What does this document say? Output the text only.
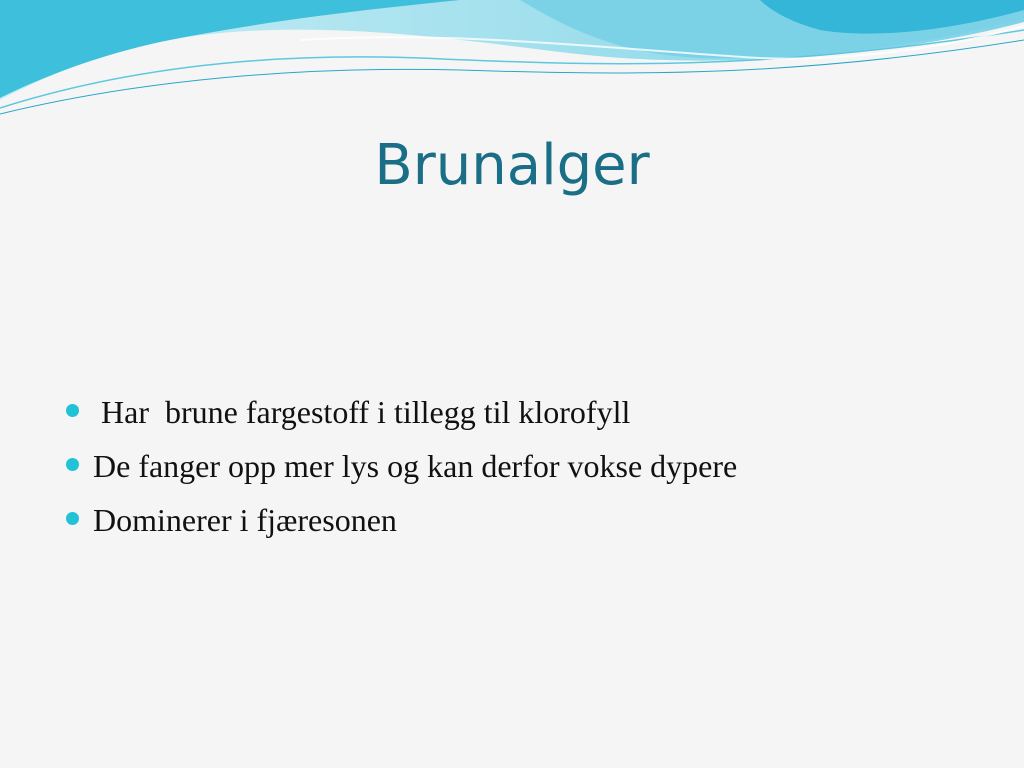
Brunalger
Har  brune fargestoff i tillegg til klorofyll
De fanger opp mer lys og kan derfor vokse dypere
Dominerer i fjæresonen
